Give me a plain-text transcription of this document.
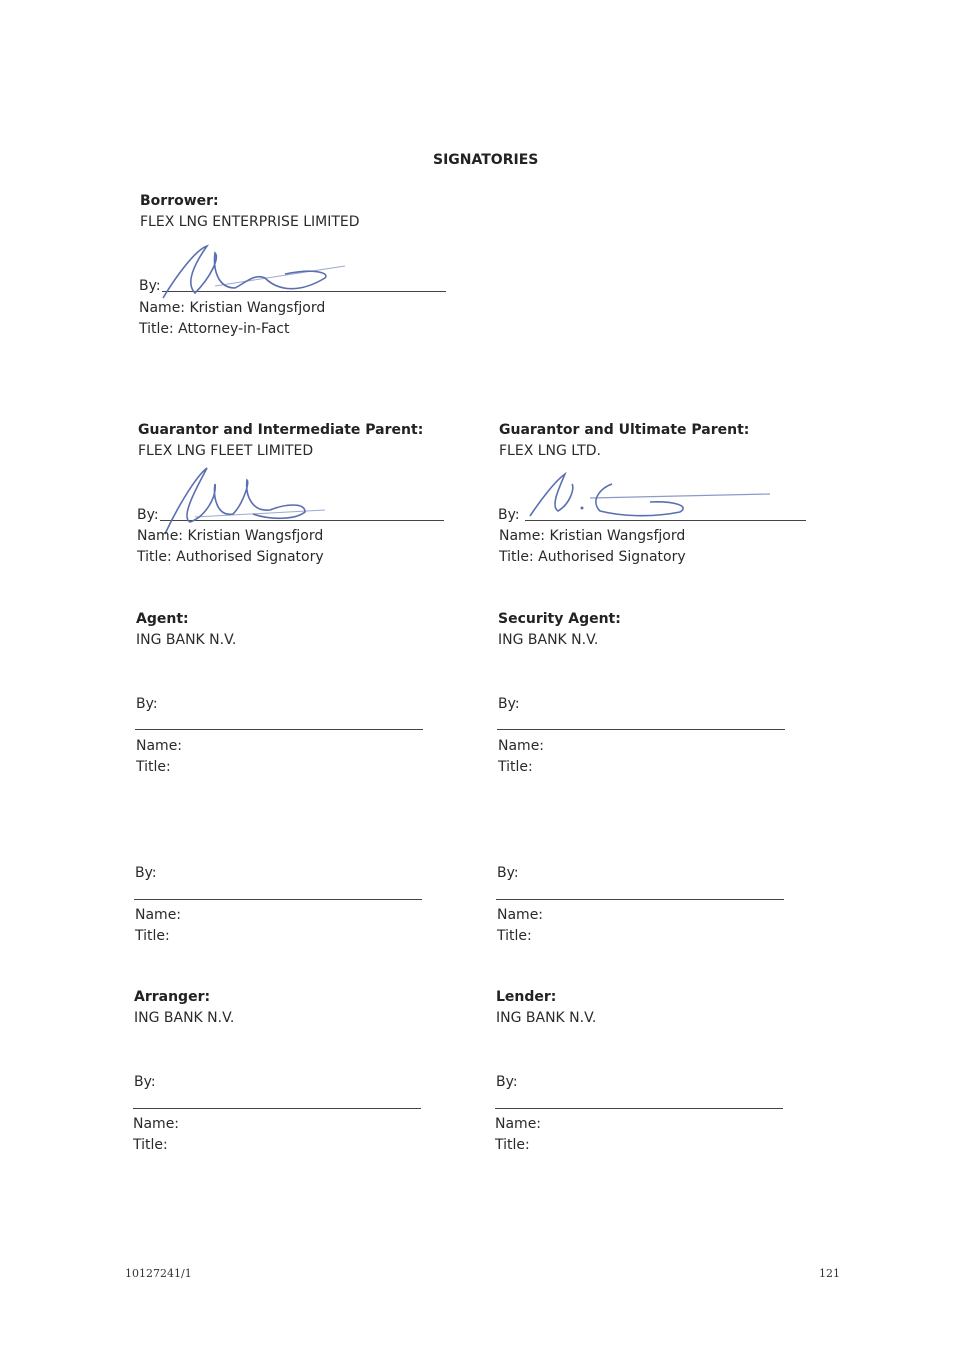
SIGNATORIES
Borrower:
FLEX LNG ENTERPRISE LIMITED
By:
Name: Kristian Wangsfjord
Title: Attorney-in-Fact
Guarantor and Intermediate Parent:
FLEX LNG FLEET LIMITED
By:
Name: Kristian Wangsfjord
Title: Authorised Signatory
Guarantor and Ultimate Parent:
FLEX LNG LTD.
By:
Name: Kristian Wangsfjord
Title: Authorised Signatory
Agent:
ING BANK N.V.
By:
Name:
Title:
By:
Name:
Title:
Security Agent:
ING BANK N.V.
By:
Name:
Title:
By:
Name:
Title:
Arranger:
ING BANK N.V.
By:
Name:
Title:
Lender:
ING BANK N.V.
By:
Name:
Title:
10127241/1	121
